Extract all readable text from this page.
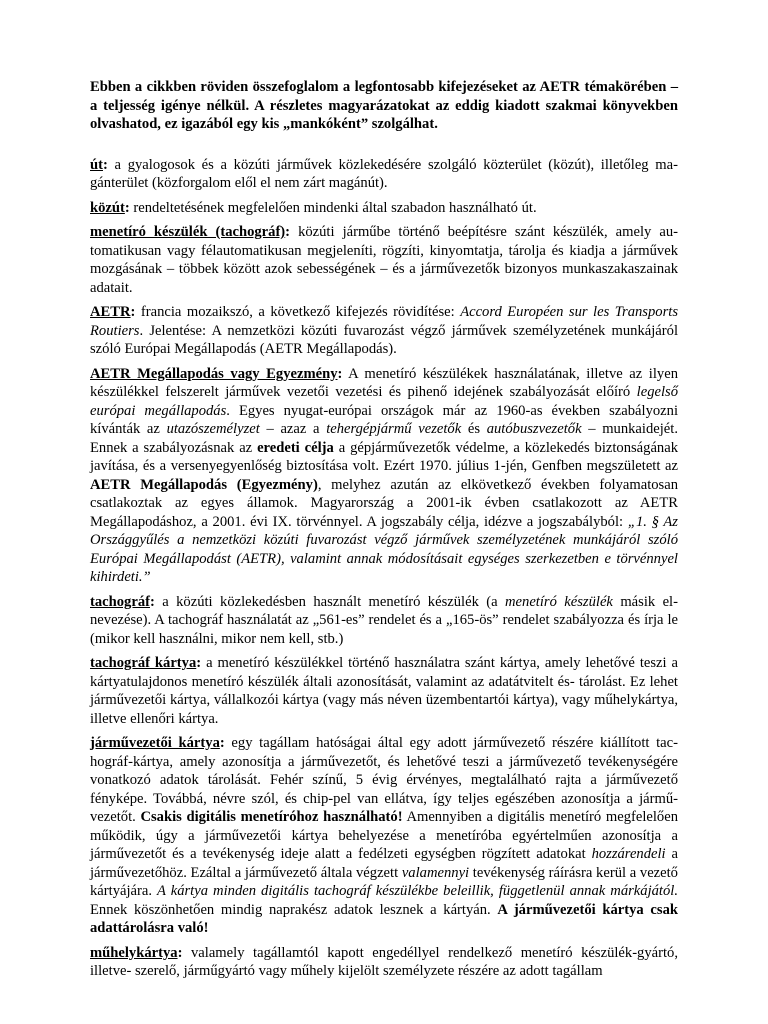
Ebben a cikkben röviden összefoglalom a legfontosabb kifejezéseket az AETR témakörében – a teljesség igénye nélkül. A részletes magyarázatokat az eddig kiadott szakmai könyvekben olvashatod, ez igazából egy kis „mankóként” szolgálhat.

út: a gyalogosok és a közúti járművek közlekedésére szolgáló közterület (közút), illetőleg magánterület (közforgalom elől el nem zárt magánút).

közút: rendeltetésének megfelelően mindenki által szabadon használható út.

menetíró készülék (tachográf): közúti járműbe történő beépítésre szánt készülék, amely automatikusan vagy félautomatikusan megjeleníti, rögzíti, kinyomtatja, tárolja és kiadja a járművek mozgásának – többek között azok sebességének – és a járművezetők bizonyos munkaszakaszainak adatait.

AETR: francia mozaikszó, a következő kifejezés rövidítése: Accord Européen sur les Transports Routiers. Jelentése: A nemzetközi közúti fuvarozást végző járművek személyzetének munkájáról szóló Európai Megállapodás (AETR Megállapodás).

AETR Megállapodás vagy Egyezmény: A menetíró készülékek használatának, illetve az ilyen készülékkel felszerelt járművek vezetői vezetési és pihenő idejének szabályozását előíró legelső európai megállapodás. Egyes nyugat-európai országok már az 1960-as években szabályozni kívánták az utazószemélyzet – azaz a tehergépjármű vezetők és autóbuszvezetők – munkaidejét. Ennek a szabályozásnak az eredeti célja a gépjárművezetők védelme, a közlekedés biztonságának javítása, és a versenyegyenlőség biztosítása volt. Ezért 1970. július 1-jén, Genfben megszületett az AETR Megállapodás (Egyezmény), melyhez azután az elkövetkező években folyamatosan csatlakoztak az egyes államok. Magyarország a 2001-ik évben csatlakozott az AETR Megállapodáshoz, a 2001. évi IX. törvénnyel. A jogszabály célja, idézve a jogszabályból: „1. § Az Országgyűlés a nemzetközi közúti fuvarozást végző járművek személyzetének munkájáról szóló Európai Megállapodást (AETR), valamint annak módosításait egységes szerkezetben e törvénnyel kihirdeti.”

tachográf: a közúti közlekedésben használt menetíró készülék (a menetíró készülék másik elnevezése). A tachográf használatát az „561-es” rendelet és a „165-ös” rendelet szabályozza és írja le (mikor kell használni, mikor nem kell, stb.)

tachográf kártya: a menetíró készülékkel történő használatra szánt kártya, amely lehetővé teszi a kártyatulajdonos menetíró készülék általi azonosítását, valamint az adatátvitelt és- tárolást. Ez lehet járművezetői kártya, vállalkozói kártya (vagy más néven üzembentartói kártya), vagy műhelykártya, illetve ellenőri kártya.

járművezetői kártya: egy tagállam hatóságai által egy adott járművezető részére kiállított tachográf-kártya, amely azonosítja a járművezetőt, és lehetővé teszi a járművezető tevékenységére vonatkozó adatok tárolását. Fehér színű, 5 évig érvényes, megtalálható rajta a járművezető fényképe. Továbbá, névre szól, és chip-pel van ellátva, így teljes egészében azonosítja a járművezetőt. Csakis digitális menetíróhoz használható! Amennyiben a digitális menetíró megfelelően működik, úgy a járművezetői kártya behelyezése a menetíróba egyértelműen azonosítja a járművezetőt és a tevékenység ideje alatt a fedélzeti egységben rögzített adatokat hozzárendeli a járművezetőhöz. Ezáltal a járművezető általa végzett valamennyi tevékenység ráírásra kerül a vezető kártyájára. A kártya minden digitális tachográf készülékbe beleillik, függetlenül annak márkájától. Ennek köszönhetően mindig naprakész adatok lesznek a kártyán. A járművezetői kártya csak adattárolásra való!

műhelykártya: valamely tagállamtól kapott engedéllyel rendelkező menetíró készülék-gyártó, illetve- szerelő, járműgyártó vagy műhely kijelölt személyzete részére az adott tagállam
